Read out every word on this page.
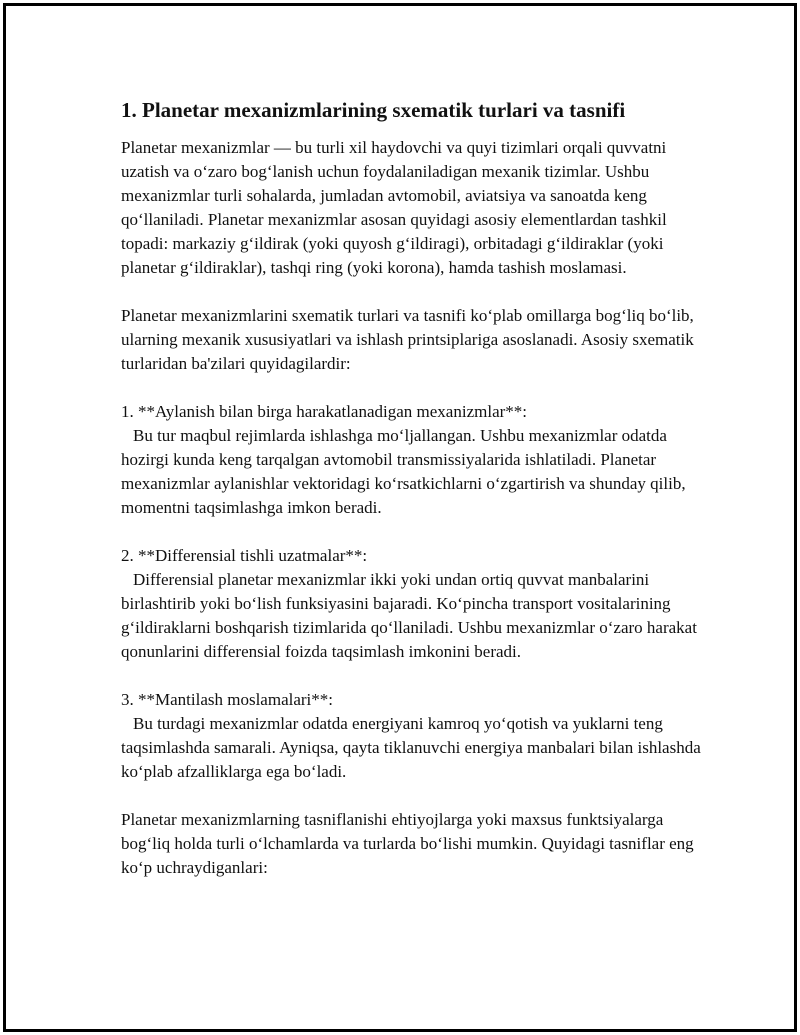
1. Planetar mexanizmlarining sxematik turlari va tasnifi

Planetar mexanizmlar — bu turli xil haydovchi va quyi tizimlari orqali quvvatni uzatish va o‘zaro bog‘lanish uchun foydalaniladigan mexanik tizimlar. Ushbu mexanizmlar turli sohalarda, jumladan avtomobil, aviatsiya va sanoatda keng qo‘llaniladi. Planetar mexanizmlar asosan quyidagi asosiy elementlardan tashkil topadi: markaziy g‘ildirak (yoki quyosh g‘ildiragi), orbitadagi g‘ildiraklar (yoki planetar g‘ildiraklar), tashqi ring (yoki korona), hamda tashish moslamasi.

Planetar mexanizmlarini sxematik turlari va tasnifi ko‘plab omillarga bog‘liq bo‘lib, ularning mexanik xususiyatlari va ishlash printsiplariga asoslanadi. Asosiy sxematik turlaridan ba'zilari quyidagilardir:

1. **Aylanish bilan birga harakatlanadigan mexanizmlar**:

Bu tur maqbul rejimlarda ishlashga mo‘ljallangan. Ushbu mexanizmlar odatda hozirgi kunda keng tarqalgan avtomobil transmissiyalarida ishlatiladi. Planetar mexanizmlar aylanishlar vektoridagi ko‘rsatkichlarni o‘zgartirish va shunday qilib, momentni taqsimlashga imkon beradi.

2. **Differensial tishli uzatmalar**:

Differensial planetar mexanizmlar ikki yoki undan ortiq quvvat manbalarini birlashtirib yoki bo‘lish funksiyasini bajaradi. Ko‘pincha transport vositalarining g‘ildiraklarni boshqarish tizimlarida qo‘llaniladi. Ushbu mexanizmlar o‘zaro harakat qonunlarini differensial foizda taqsimlash imkonini beradi.

3. **Mantilash moslamalari**:

Bu turdagi mexanizmlar odatda energiyani kamroq yo‘qotish va yuklarni teng taqsimlashda samarali. Ayniqsa, qayta tiklanuvchi energiya manbalari bilan ishlashda ko‘plab afzalliklarga ega bo‘ladi.

Planetar mexanizmlarning tasniflanishi ehtiyojlarga yoki maxsus funktsiyalarga bog‘liq holda turli o‘lchamlarda va turlarda bo‘lishi mumkin. Quyidagi tasniflar eng ko‘p uchraydiganlari:
